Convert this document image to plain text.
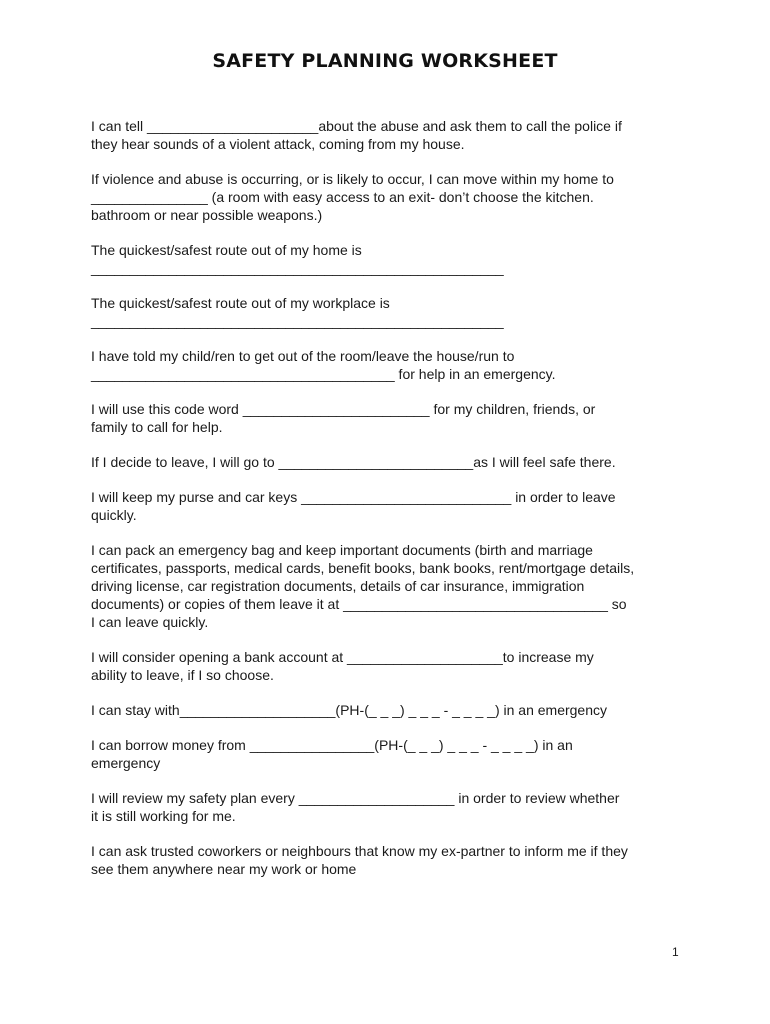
SAFETY PLANNING WORKSHEET
I can tell ______________________about the abuse and ask them to call the police if
they hear sounds of a violent attack, coming from my house.
If violence and abuse is occurring, or is likely to occur, I can move within my home to
_______________ (a room with easy access to an exit- don’t choose the kitchen.
bathroom or near possible weapons.)
The quickest/safest route out of my home is
_____________________________________________________
The quickest/safest route out of my workplace is
_____________________________________________________
I have told my child/ren to get out of the room/leave the house/run to
_______________________________________ for help in an emergency.
I will use this code word ________________________ for my children, friends, or
family to call for help.
If I decide to leave, I will go to _________________________as I will feel safe there.
I will keep my purse and car keys ___________________________ in order to leave
quickly.
I can pack an emergency bag and keep important documents (birth and marriage
certificates, passports, medical cards, benefit books, bank books, rent/mortgage details,
driving license, car registration documents, details of car insurance, immigration
documents) or copies of them leave it at __________________________________ so
I can leave quickly.
I will consider opening a bank account at ____________________to increase my
ability to leave, if I so choose.
I can stay with____________________(PH-(_ _ _) _ _ _ - _ _ _ _) in an emergency
I can borrow money from ________________(PH-(_ _ _) _ _ _ - _ _ _ _) in an
emergency
I will review my safety plan every ____________________ in order to review whether
it is still working for me.
I can ask trusted coworkers or neighbours that know my ex-partner to inform me if they
see them anywhere near my work or home
1
